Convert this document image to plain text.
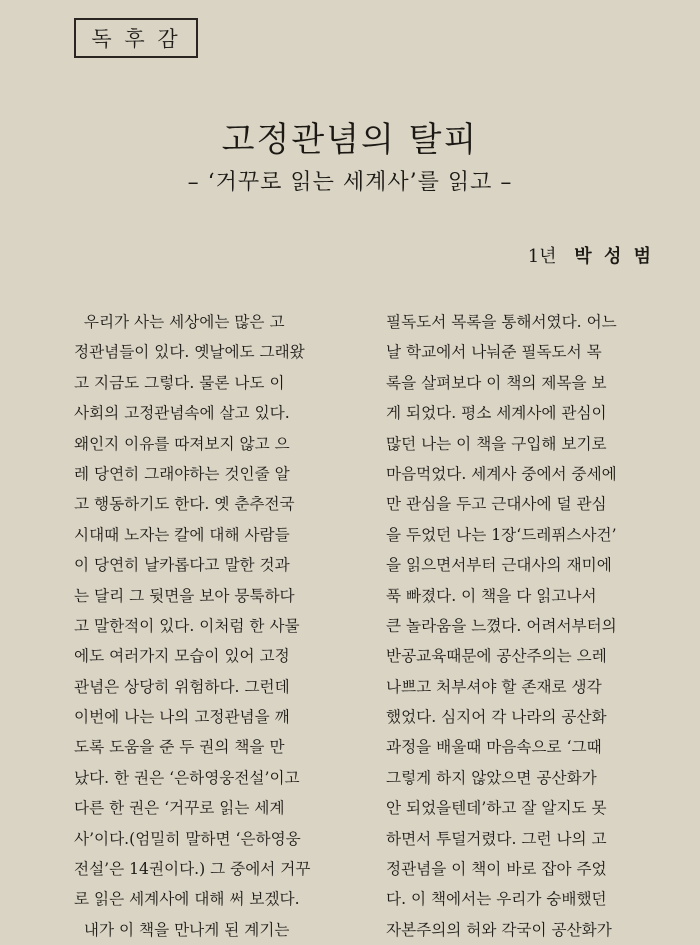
독 후 감
고정관념의 탈피
– ‘거꾸로 읽는 세계사’를 읽고 –
1년 박 성 범
우리가 사는 세상에는 많은 고
정관념들이 있다. 옛날에도 그래왔
고 지금도 그렇다. 물론 나도 이
사회의 고정관념속에 살고 있다.
왜인지 이유를 따져보지 않고 으
레 당연히 그래야하는 것인줄 알
고 행동하기도 한다. 옛 춘추전국
시대때 노자는 칼에 대해 사람들
이 당연히 날카롭다고 말한 것과
는 달리 그 뒷면을 보아 뭉툭하다
고 말한적이 있다. 이처럼 한 사물
에도 여러가지 모습이 있어 고정
관념은 상당히 위험하다. 그런데
이번에 나는 나의 고정관념을 깨
도록 도움을 준 두 권의 책을 만
났다. 한 권은 ‘은하영웅전설’이고
다른 한 권은 ‘거꾸로 읽는 세계
사’이다.(엄밀히 말하면 ‘은하영웅
전설’은 14권이다.) 그 중에서 거꾸
로 읽은 세계사에 대해 써 보겠다.
내가 이 책을 만나게 된 계기는
필독도서 목록을 통해서였다. 어느
날 학교에서 나눠준 필독도서 목
록을 살펴보다 이 책의 제목을 보
게 되었다. 평소 세계사에 관심이
많던 나는 이 책을 구입해 보기로
마음먹었다. 세계사 중에서 중세에
만 관심을 두고 근대사에 덜 관심
을 두었던 나는 1장‘드레퓌스사건’
을 읽으면서부터 근대사의 재미에
푹 빠졌다. 이 책을 다 읽고나서
큰 놀라움을 느꼈다. 어려서부터의
반공교육때문에 공산주의는 으레
나쁘고 처부셔야 할 존재로 생각
했었다. 심지어 각 나라의 공산화
과정을 배울때 마음속으로 ‘그때
그렇게 하지 않았으면 공산화가
안 되었을텐데’하고 잘 알지도 못
하면서 투덜거렸다. 그런 나의 고
정관념을 이 책이 바로 잡아 주었
다. 이 책에서는 우리가 숭배했던
자본주의의 허와 각국이 공산화가
